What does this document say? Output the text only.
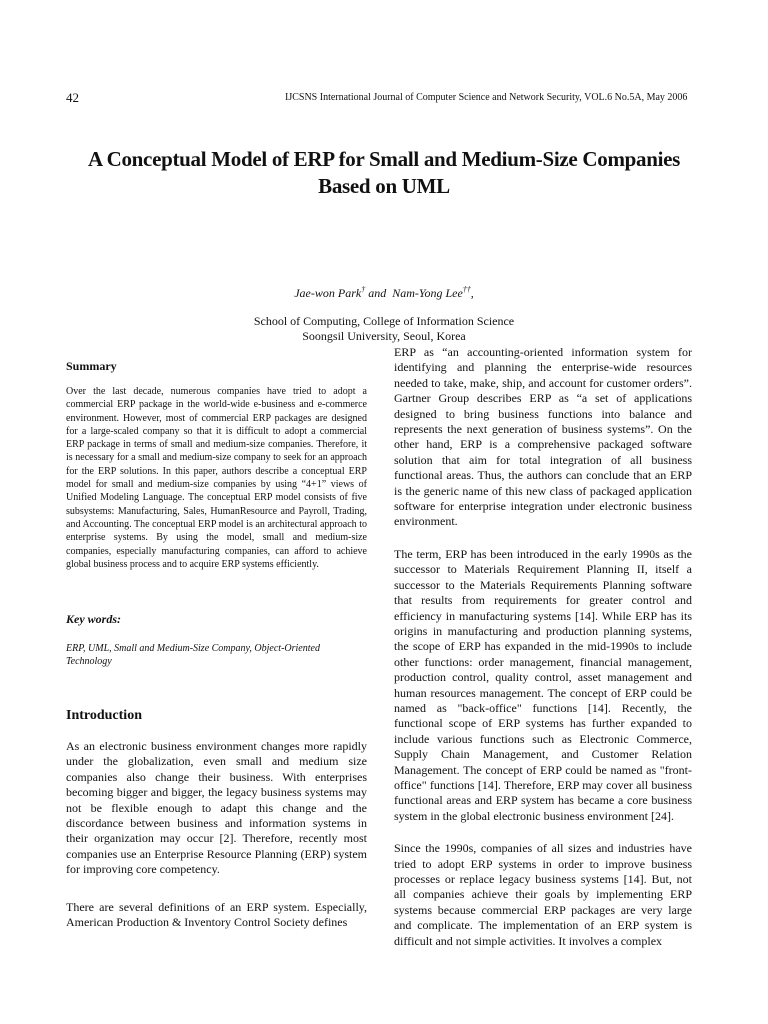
42	IJCSNS International Journal of Computer Science and Network Security, VOL.6 No.5A, May 2006
A Conceptual Model of ERP for Small and Medium-Size Companies
Based on UML
Jae-won Park† and  Nam-Yong Lee††,
School of Computing, College of Information Science
Soongsil University, Seoul, Korea
Summary

Over the last decade, numerous companies have tried to adopt a commercial ERP package in the world-wide e-business and e-commerce environment. However, most of commercial ERP packages are designed for a large-scaled company so that it is difficult to adopt a commercial ERP package in terms of small and medium-size companies. Therefore, it is necessary for a small and medium-size company to seek for an approach for the ERP solutions. In this paper, authors describe a conceptual ERP model for small and medium-size companies by using “4+1” views of Unified Modeling Language. The conceptual ERP model consists of five subsystems: Manufacturing, Sales, HumanResource and Payroll, Trading, and Accounting. The conceptual ERP model is an architectural approach to enterprise systems. By using the model, small and medium-size companies, especially manufacturing companies, can afford to achieve global business process and to acquire ERP systems efficiently.

Key words:

ERP, UML, Small and Medium-Size Company, Object-Oriented Technology

Introduction

As an electronic business environment changes more rapidly under the globalization, even small and medium size companies also change their business. With enterprises becoming bigger and bigger, the legacy business systems may not be flexible enough to adapt this change and the discordance between business and information systems in their organization may occur [2]. Therefore, recently most companies use an Enterprise Resource Planning (ERP) system for improving core competency.

There are several definitions of an ERP system. Especially, American Production & Inventory Control Society defines

ERP as “an accounting-oriented information system for identifying and planning the enterprise-wide resources needed to take, make, ship, and account for customer orders”. Gartner Group describes ERP as “a set of applications designed to bring business functions into balance and represents the next generation of business systems”. On the other hand, ERP is a comprehensive packaged software solution that aim for total integration of all business functional areas. Thus, the authors can conclude that an ERP is the generic name of this new class of packaged application software for enterprise integration under electronic business environment.

The term, ERP has been introduced in the early 1990s as the successor to Materials Requirement Planning II, itself a successor to the Materials Requirements Planning software that results from requirements for greater control and efficiency in manufacturing systems [14]. While ERP has its origins in manufacturing and production planning systems, the scope of ERP has expanded in the mid-1990s to include other functions: order management, financial management, production control, quality control, asset management and human resources management. The concept of ERP could be named as "back-office" functions [14]. Recently, the functional scope of ERP systems has further expanded to include various functions such as Electronic Commerce, Supply Chain Management, and Customer Relation Management. The concept of ERP could be named as "front-office" functions [14]. Therefore, ERP may cover all business functional areas and ERP system has became a core business system in the global electronic business environment [24].

Since the 1990s, companies of all sizes and industries have tried to adopt ERP systems in order to improve business processes or replace legacy business systems [14]. But, not all companies achieve their goals by implementing ERP systems because commercial ERP packages are very large and complicate. The implementation of an ERP system is difficult and not simple activities. It involves a complex
